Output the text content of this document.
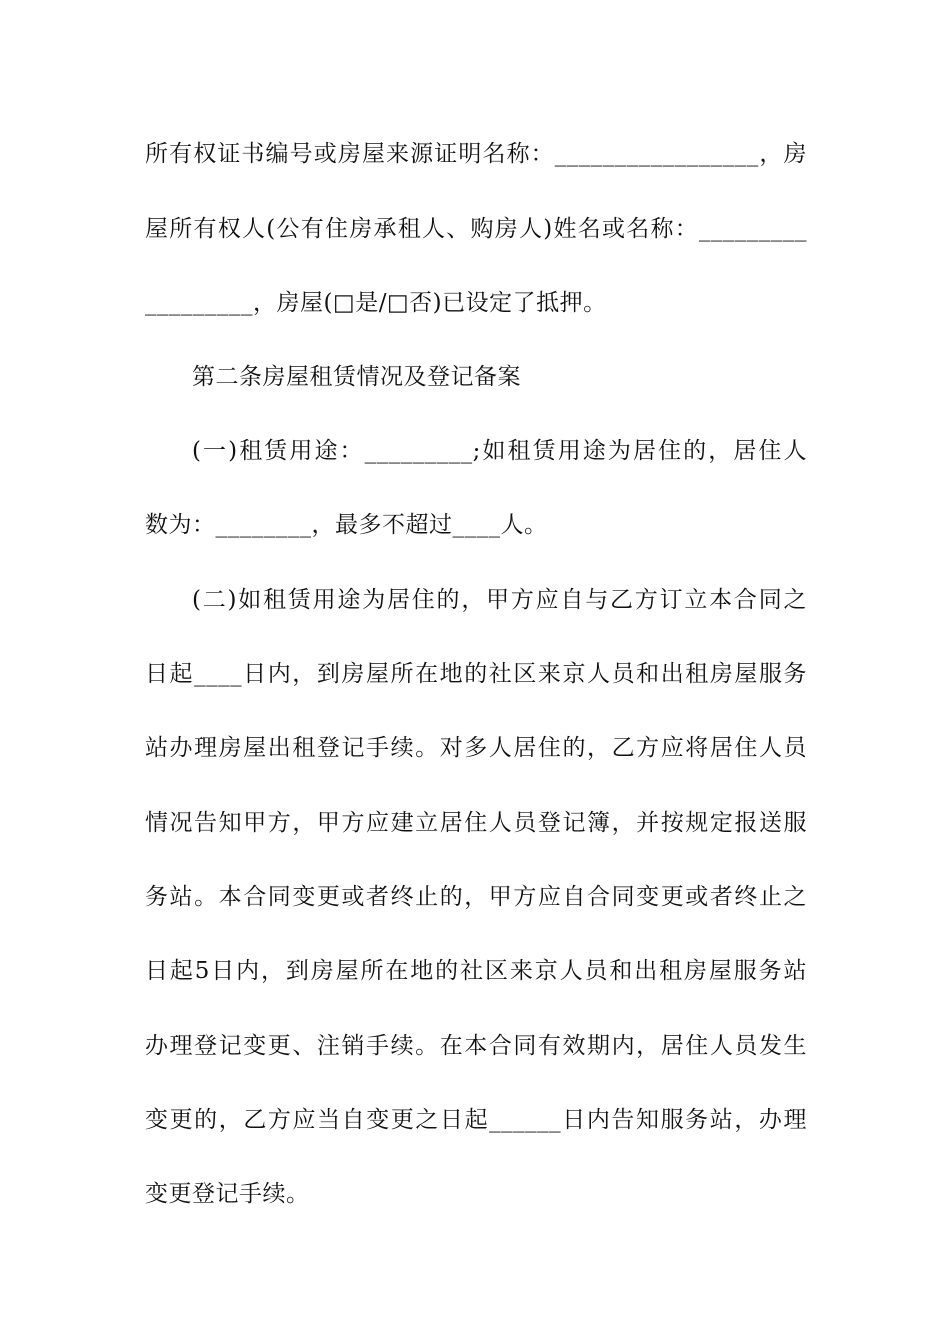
所有权证书编号或房屋来源证明名称：_________________，房
屋所有权人(公有住房承租人、购房人)姓名或名称：_________
_________，房屋(□是/□否)已设定了抵押。
第二条房屋租赁情况及登记备案
(一)租赁用途：_________;如租赁用途为居住的，居住人
数为：________，最多不超过____人。
(二)如租赁用途为居住的，甲方应自与乙方订立本合同之
日起____日内，到房屋所在地的社区来京人员和出租房屋服务
站办理房屋出租登记手续。对多人居住的，乙方应将居住人员
情况告知甲方，甲方应建立居住人员登记簿，并按规定报送服
务站。本合同变更或者终止的，甲方应自合同变更或者终止之
日起5日内，到房屋所在地的社区来京人员和出租房屋服务站
办理登记变更、注销手续。在本合同有效期内，居住人员发生
变更的，乙方应当自变更之日起______日内告知服务站，办理
变更登记手续。
